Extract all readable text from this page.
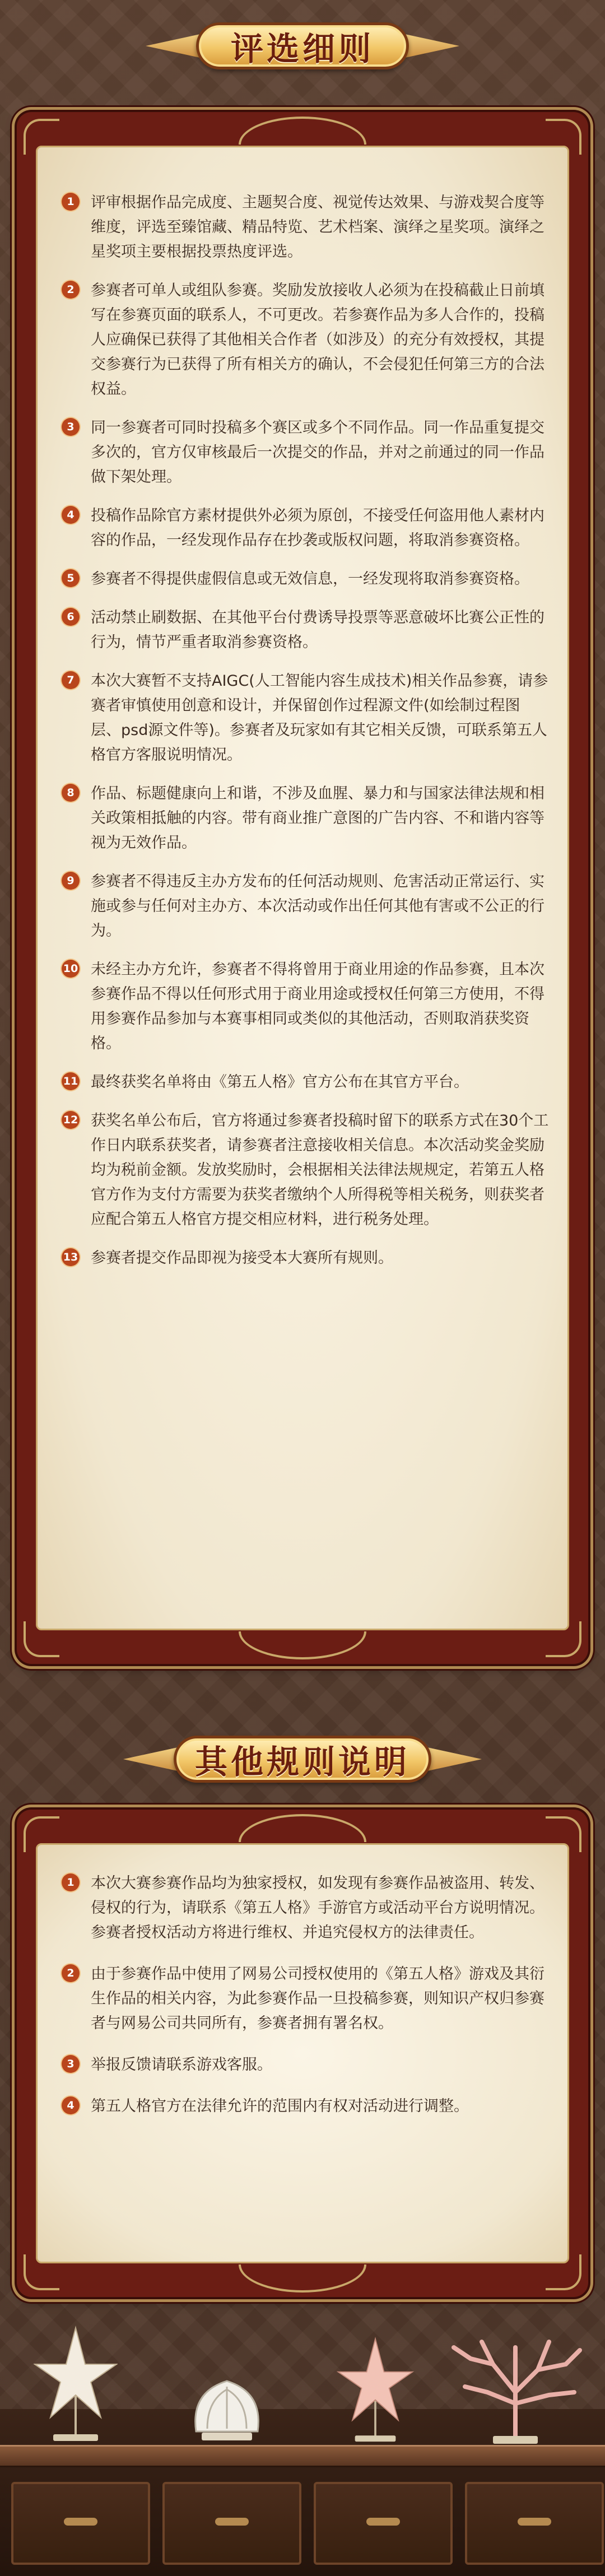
评选细则
1	评审根据作品完成度、主题契合度、视觉传达效果、与游戏契合度等维度，评选至臻馆藏、精品特览、艺术档案、演绎之星奖项。演绎之星奖项主要根据投票热度评选。
2	参赛者可单人或组队参赛。奖励发放接收人必须为在投稿截止日前填写在参赛页面的联系人，不可更改。若参赛作品为多人合作的，投稿人应确保已获得了其他相关合作者（如涉及）的充分有效授权，其提交参赛行为已获得了所有相关方的确认，不会侵犯任何第三方的合法权益。
3	同一参赛者可同时投稿多个赛区或多个不同作品。同一作品重复提交多次的，官方仅审核最后一次提交的作品，并对之前通过的同一作品做下架处理。
4	投稿作品除官方素材提供外必须为原创，不接受任何盗用他人素材内容的作品，一经发现作品存在抄袭或版权问题，将取消参赛资格。
5	参赛者不得提供虚假信息或无效信息，一经发现将取消参赛资格。
6	活动禁止刷数据、在其他平台付费诱导投票等恶意破坏比赛公正性的行为，情节严重者取消参赛资格。
7	本次大赛暂不支持AIGC(人工智能内容生成技术)相关作品参赛，请参赛者审慎使用创意和设计，并保留创作过程源文件(如绘制过程图层、psd源文件等)。参赛者及玩家如有其它相关反馈，可联系第五人格官方客服说明情况。
8	作品、标题健康向上和谐，不涉及血腥、暴力和与国家法律法规和相关政策相抵触的内容。带有商业推广意图的广告内容、不和谐内容等视为无效作品。
9	参赛者不得违反主办方发布的任何活动规则、危害活动正常运行、实施或参与任何对主办方、本次活动或作出任何其他有害或不公正的行为。
10 未经主办方允许，参赛者不得将曾用于商业用途的作品参赛，且本次参赛作品不得以任何形式用于商业用途或授权任何第三方使用，不得用参赛作品参加与本赛事相同或类似的其他活动，否则取消获奖资格。
11 最终获奖名单将由《第五人格》官方公布在其官方平台。
12 获奖名单公布后，官方将通过参赛者投稿时留下的联系方式在30个工作日内联系获奖者，请参赛者注意接收相关信息。本次活动奖金奖励均为税前金额。发放奖励时，会根据相关法律法规规定，若第五人格官方作为支付方需要为获奖者缴纳个人所得税等相关税务，则获奖者应配合第五人格官方提交相应材料，进行税务处理。
13 参赛者提交作品即视为接受本大赛所有规则。
其他规则说明
1	本次大赛参赛作品均为独家授权，如发现有参赛作品被盗用、转发、侵权的行为，请联系《第五人格》手游官方或活动平台方说明情况。参赛者授权活动方将进行维权、并追究侵权方的法律责任。
2	由于参赛作品中使用了网易公司授权使用的《第五人格》游戏及其衍生作品的相关内容，为此参赛作品一旦投稿参赛，则知识产权归参赛者与网易公司共同所有，参赛者拥有署名权。
3	举报反馈请联系游戏客服。
4	第五人格官方在法律允许的范围内有权对活动进行调整。
